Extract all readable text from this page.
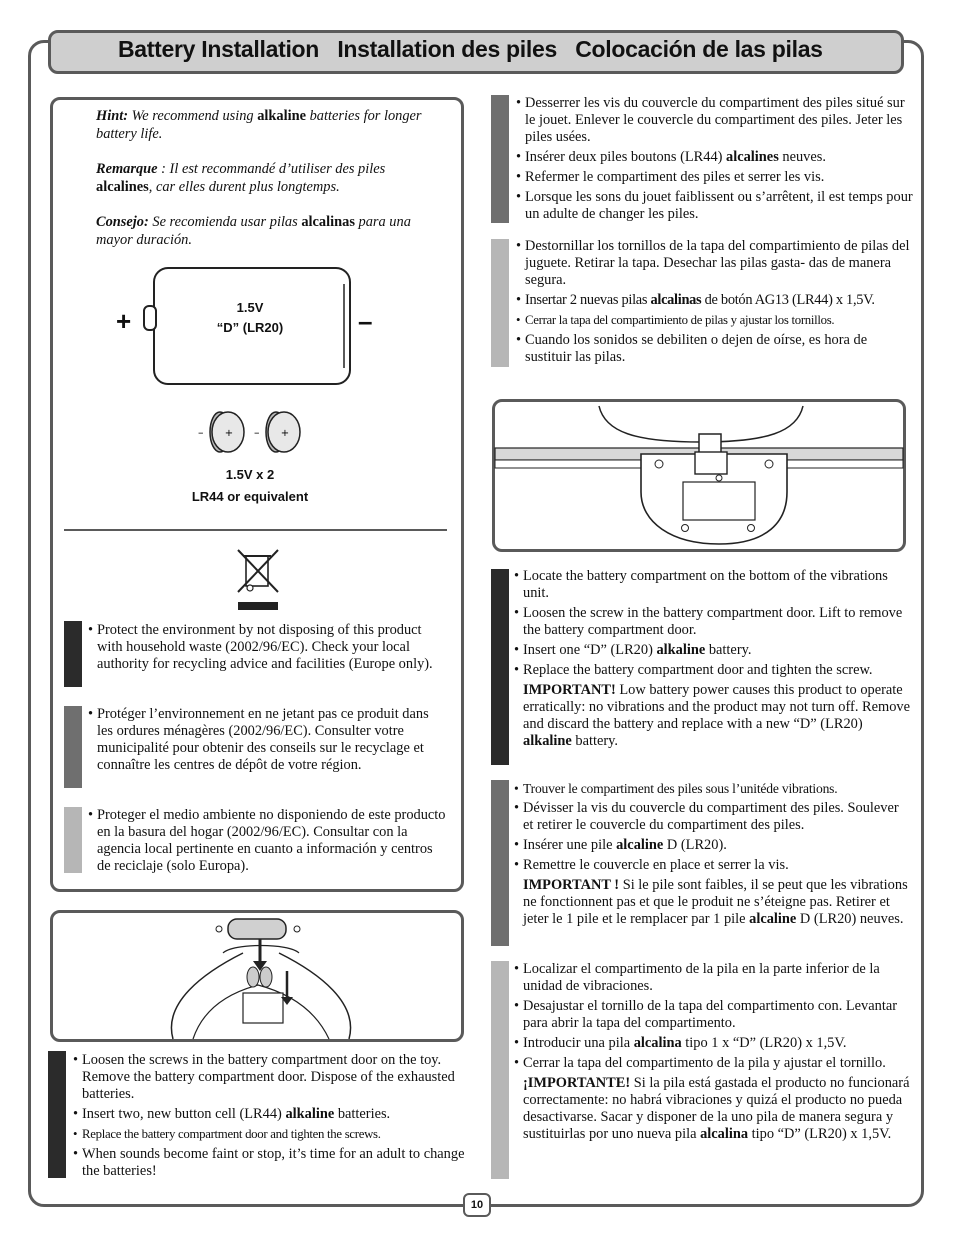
Battery Installation   Installation des piles   Colocación de las pilas

Hint: We recommend using alkaline batteries for longer battery life.

Remarque : Il est recommandé d’utiliser des piles alcalines, car elles durent plus longtemps.

Consejo: Se recomienda usar pilas alcalinas para una mayor duración.

+	–
1.5V
“D” (LR20)
– + – +
1.5V x 2
LR44 or equivalent
• Protect the environment by not disposing of this product with household waste (2002/96/EC). Check your local authority for recycling advice and facilities (Europe only).
• Protéger l’environnement en ne jetant pas ce produit dans les ordures ménagères (2002/96/EC). Consulter votre municipalité pour obtenir des conseils sur le recyclage et connaître les centres de dépôt de votre région.
• Proteger el medio ambiente no disponiendo de este producto en la basura del hogar (2002/96/EC). Consultar con la agencia local pertinente en cuanto a información y centros de reciclaje (solo Europa).
• Loosen the screws in the battery compartment door on the toy. Remove the battery compartment door. Dispose of the exhausted batteries.
• Insert two, new button cell (LR44) alkaline batteries.
• Replace the battery compartment door and tighten the screws.
• When sounds become faint or stop, it’s time for an adult to change the batteries!
• Desserrer les vis du couvercle du compartiment des piles situé sur le jouet. Enlever le couvercle du compartiment des piles. Jeter les piles usées.
• Insérer deux piles boutons (LR44) alcalines neuves.
• Refermer le compartiment des piles et serrer les vis.
• Lorsque les sons du jouet faiblissent ou s’arrêtent, il est temps pour un adulte de changer les piles.
• Destornillar los tornillos de la tapa del compartimiento de pilas del juguete. Retirar la tapa. Desechar las pilas gasta- das de manera segura.
• Insertar 2 nuevas pilas alcalinas de botón AG13 (LR44) x 1,5V.
• Cerrar la tapa del compartimiento de pilas y ajustar los tornillos.
• Cuando los sonidos se debiliten o dejen de oírse, es hora de sustituir las pilas.
• Locate the battery compartment on the bottom of the vibrations unit.
• Loosen the screw in the battery compartment door. Lift to remove the battery compartment door.
• Insert one “D” (LR20) alkaline battery.
• Replace the battery compartment door and tighten the screw.
IMPORTANT! Low battery power causes this product to operate erratically: no vibrations and the product may not turn off. Remove and discard the battery and replace with a new “D” (LR20) alkaline battery.
• Trouver le compartiment des piles sous l’unitéde vibrations.
• Dévisser la vis du couvercle du compartiment des piles. Soulever et retirer le couvercle du compartiment des piles.
• Insérer une pile alcaline D (LR20).
• Remettre le couvercle en place et serrer la vis.
IMPORTANT ! Si le pile sont faibles, il se peut que les vibrations ne fonctionnent pas et que le produit ne s’éteigne pas. Retirer et jeter le 1 pile et le remplacer par 1 pile alcaline D (LR20) neuves.
• Localizar el compartimento de la pila en la parte inferior de la unidad de vibraciones.
• Desajustar el tornillo de la tapa del compartimento con. Levantar para abrir la tapa del compartimento.
• Introducir una pila alcalina tipo 1 x “D” (LR20) x 1,5V.
• Cerrar la tapa del compartimento de la pila y ajustar el tornillo.
¡IMPORTANTE! Si la pila está gastada el producto no funcionará correctamente: no habrá vibraciones y quizá el producto no pueda desactivarse. Sacar y disponer de la uno pila de manera segura y sustituirlas por uno nueva pila alcalina tipo “D” (LR20) x 1,5V.
10
